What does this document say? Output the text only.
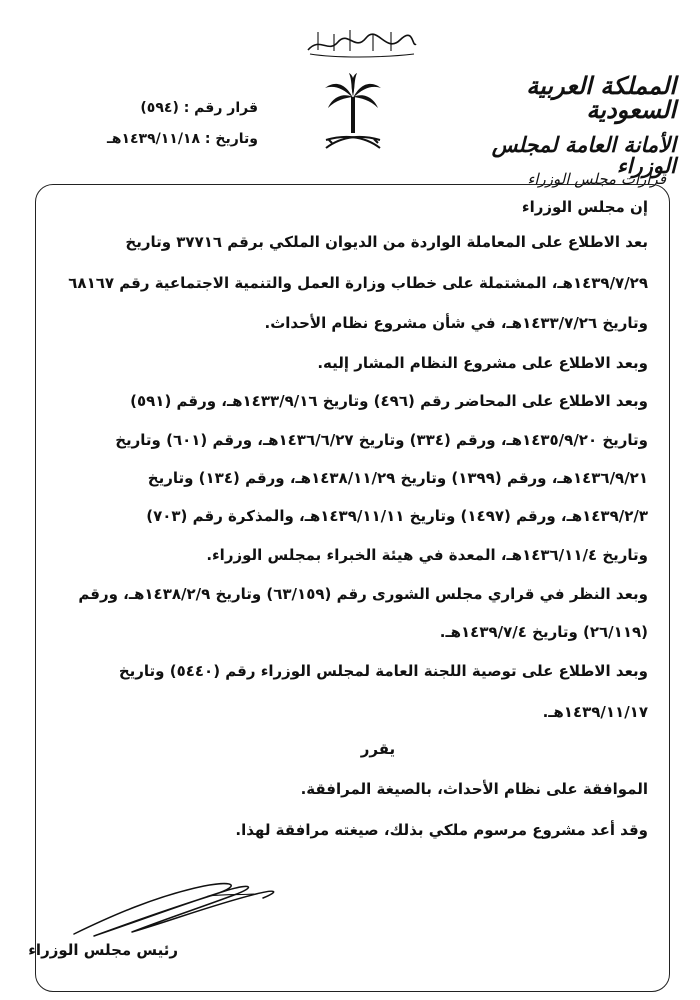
المملكة العربية السعودية
الأمانة العامة لمجلس الوزراء
قرارات مجلس الوزراء
قرار رقم : (٥٩٤)
وتاريخ : ١٤٣٩/١١/١٨هـ
إن مجلس الوزراء
بعد الاطلاع على المعاملة الواردة من الديوان الملكي برقم ٣٧٧١٦ وتاريخ
١٤٣٩/٧/٢٩هـ، المشتملة على خطاب وزارة العمل والتنمية الاجتماعية رقم ٦٨١٦٧
وتاريخ ١٤٣٣/٧/٢٦هـ، في شأن مشروع نظام الأحداث.
وبعد الاطلاع على مشروع النظام المشار إليه.
وبعد الاطلاع على المحاضر رقم (٤٩٦) وتاريخ ١٤٣٣/٩/١٦هـ، ورقم (٥٩١)
وتاريخ ١٤٣٥/٩/٢٠هـ، ورقم (٣٣٤) وتاريخ ١٤٣٦/٦/٢٧هـ، ورقم (٦٠١) وتاريخ
١٤٣٦/٩/٢١هـ، ورقم (١٣٩٩) وتاريخ ١٤٣٨/١١/٢٩هـ، ورقم (١٣٤) وتاريخ
١٤٣٩/٢/٣هـ، ورقم (١٤٩٧) وتاريخ ١٤٣٩/١١/١١هـ، والمذكرة رقم (٧٠٣)
وتاريخ ١٤٣٦/١١/٤هـ، المعدة في هيئة الخبراء بمجلس الوزراء.
وبعد النظر في قراري مجلس الشورى رقم (٦٣/١٥٩) وتاريخ ١٤٣٨/٢/٩هـ، ورقم
(٢٦/١١٩) وتاريخ ١٤٣٩/٧/٤هـ.
وبعد الاطلاع على توصية اللجنة العامة لمجلس الوزراء رقم (٥٤٤٠) وتاريخ
١٤٣٩/١١/١٧هـ.
يقرر
الموافقة على نظام الأحداث، بالصيغة المرافقة.
وقد أعد مشروع مرسوم ملكي بذلك، صيغته مرافقة لهذا.
رئيس مجلس الوزراء
